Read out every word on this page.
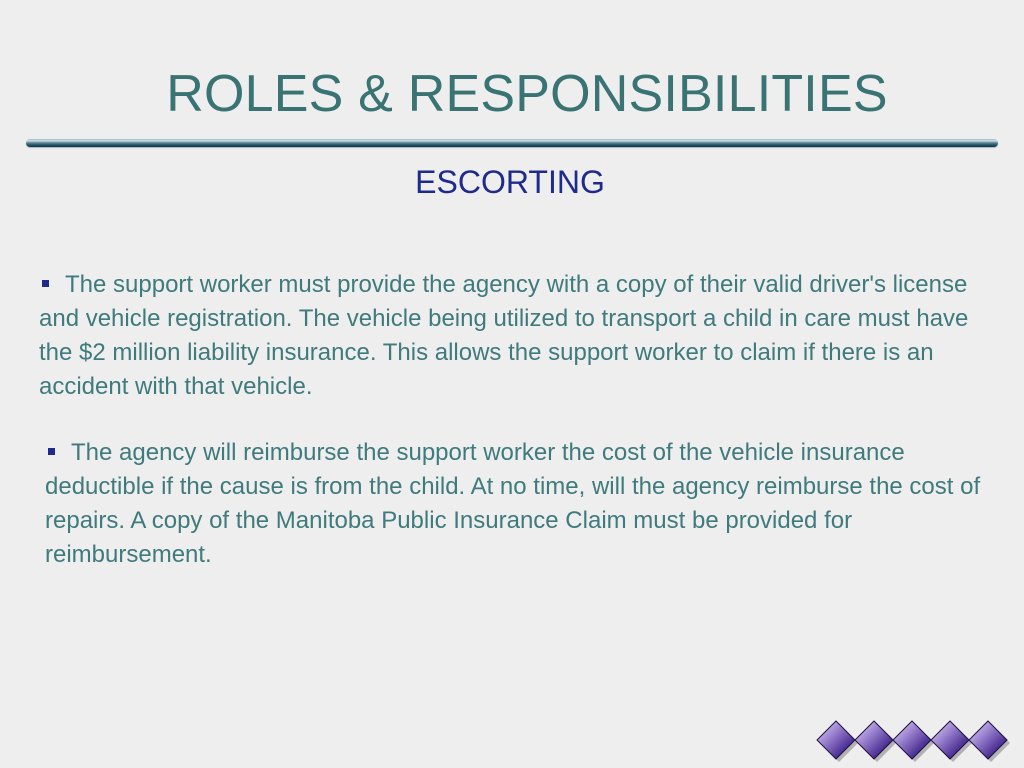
ROLES & RESPONSIBILITIES
ESCORTING

The support worker must provide the agency with a copy of their valid driver's license and vehicle registration. The vehicle being utilized to transport a child in care must have the $2 million liability insurance. This allows the support worker to claim if there is an accident with that vehicle.

The agency will reimburse the support worker the cost of the vehicle insurance deductible if the cause is from the child. At no time, will the agency reimburse the cost of repairs. A copy of the Manitoba Public Insurance Claim must be provided for reimbursement.
